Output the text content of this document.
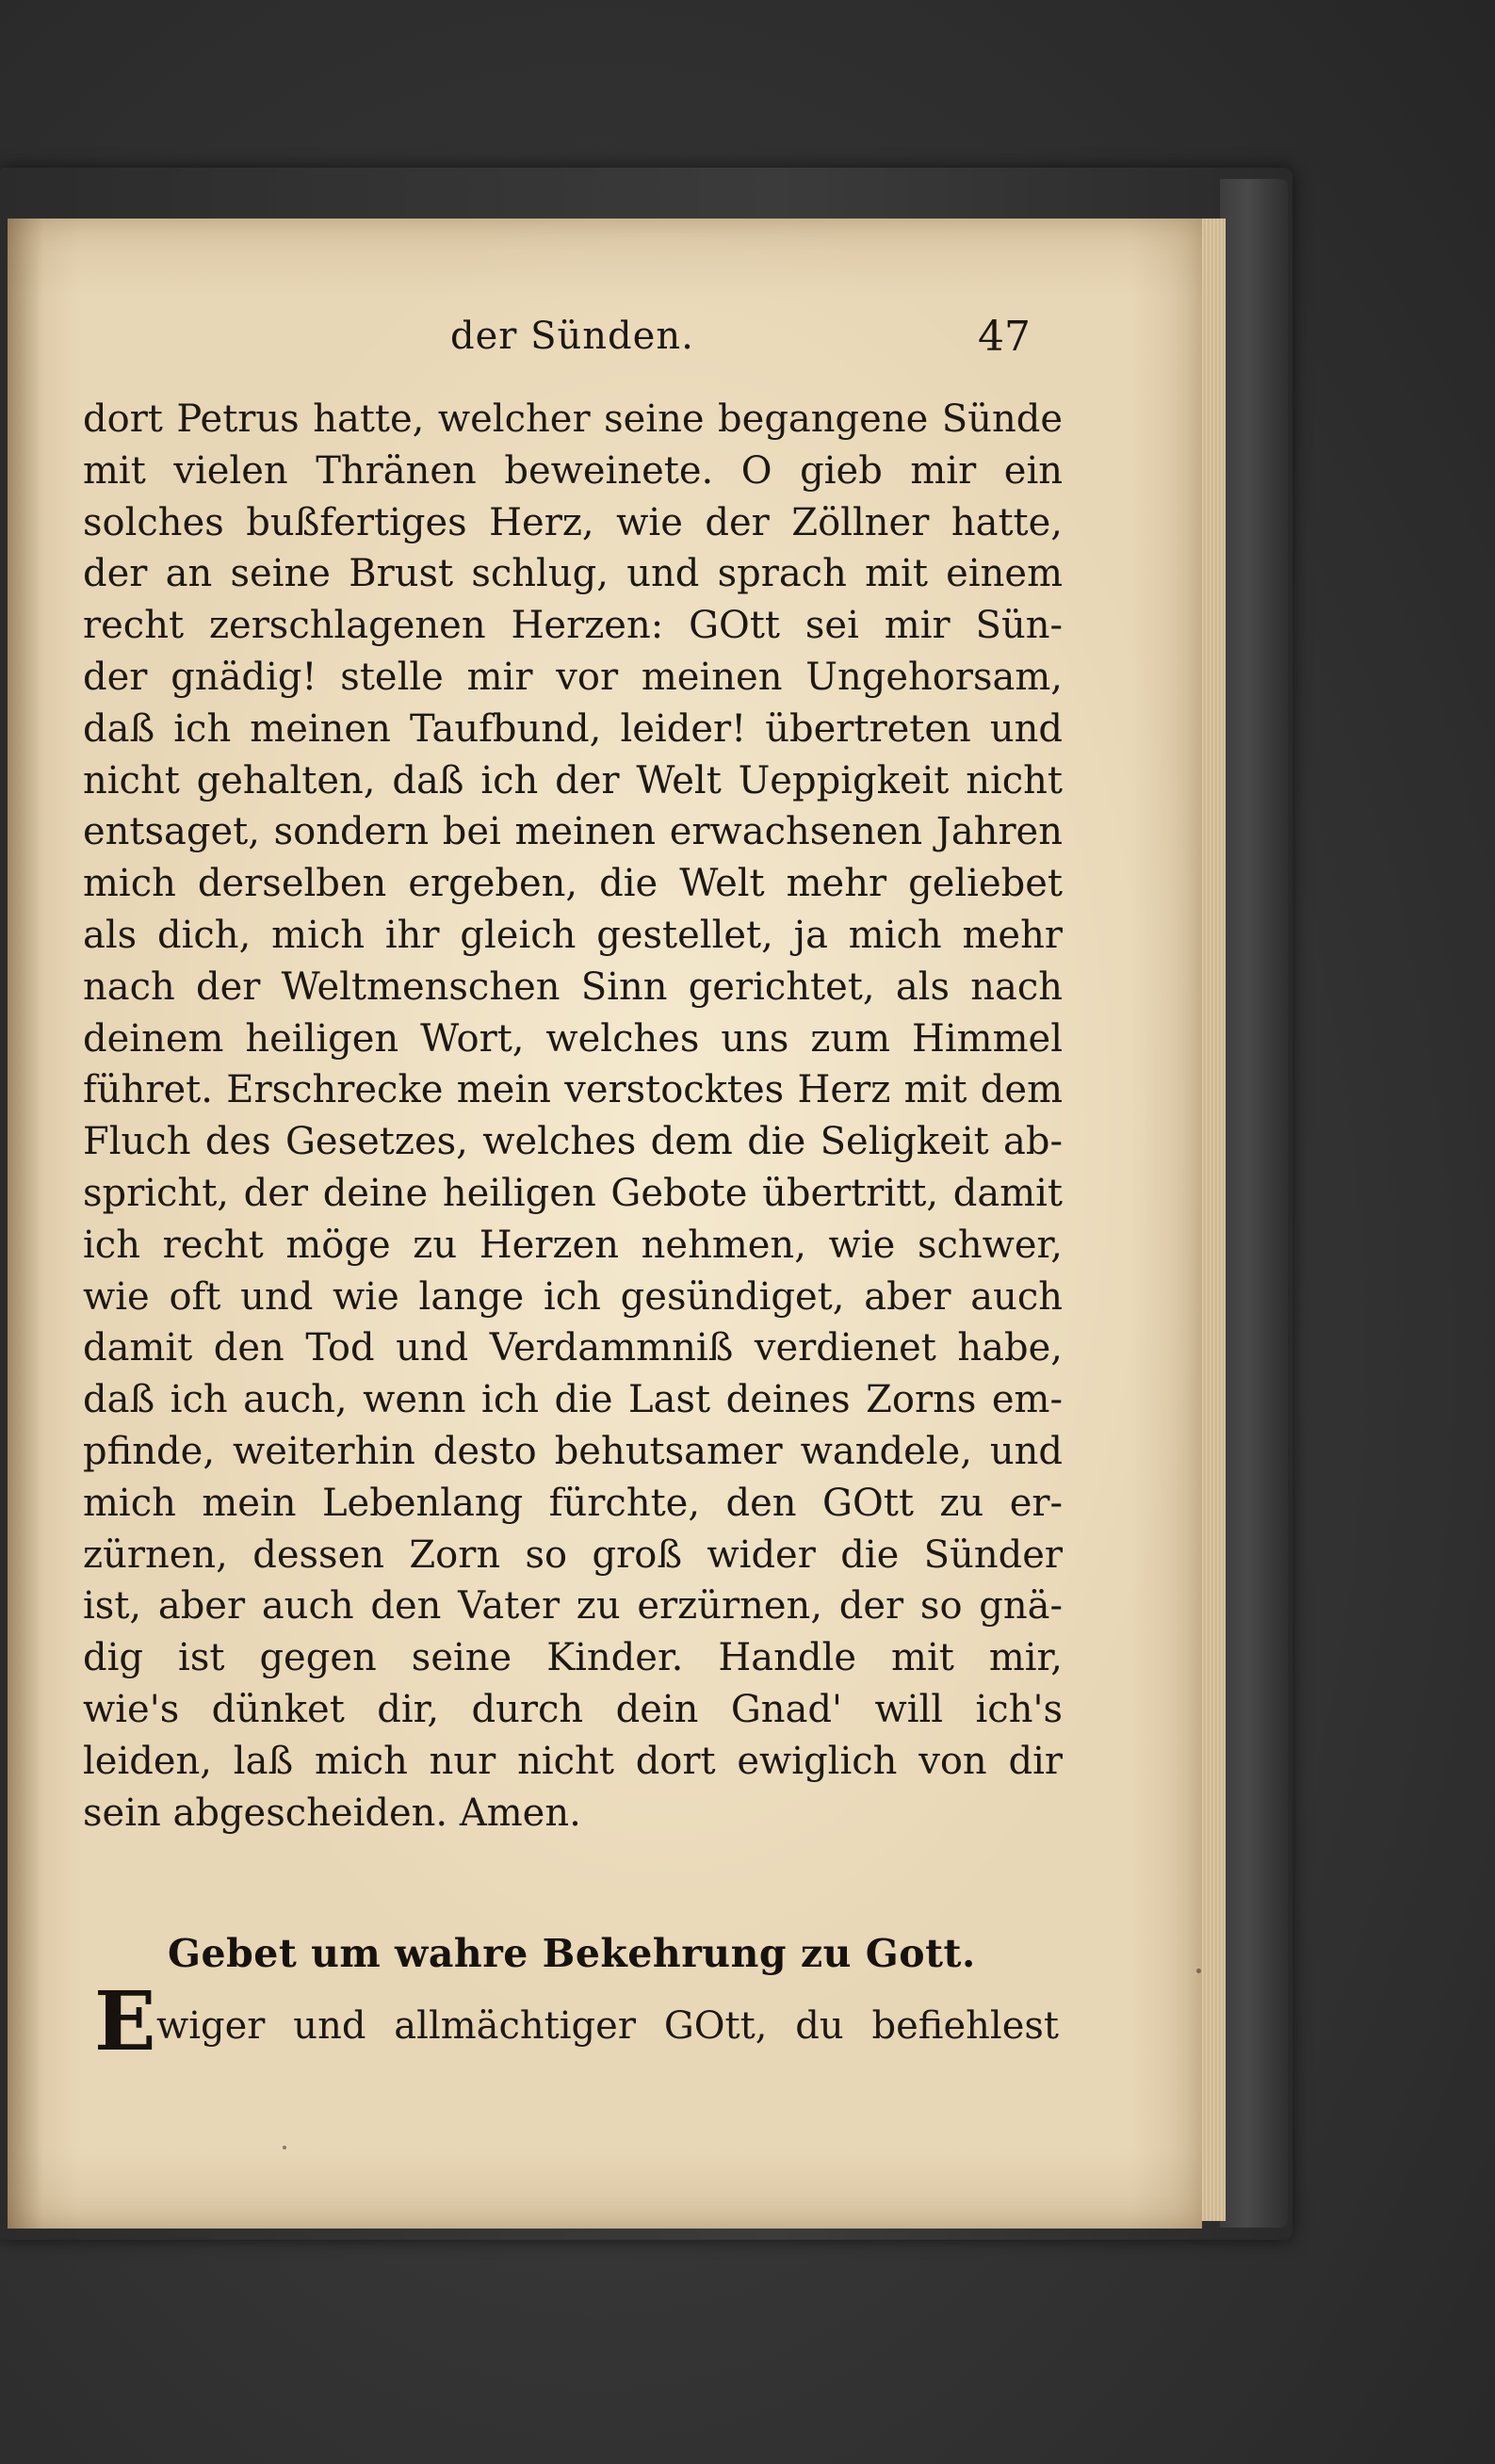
der Sünden.	47
dort Petrus hatte, welcher seine begangene Sünde
mit vielen Thränen beweinete. O gieb mir ein
solches bußfertiges Herz, wie der Zöllner hatte,
der an seine Brust schlug, und sprach mit einem
recht zerschlagenen Herzen: GOtt sei mir Sün-
der gnädig! stelle mir vor meinen Ungehorsam,
daß ich meinen Taufbund, leider! übertreten und
nicht gehalten, daß ich der Welt Ueppigkeit nicht
entsaget, sondern bei meinen erwachsenen Jahren
mich derselben ergeben, die Welt mehr geliebet
als dich, mich ihr gleich gestellet, ja mich mehr
nach der Weltmenschen Sinn gerichtet, als nach
deinem heiligen Wort, welches uns zum Himmel
führet. Erschrecke mein verstocktes Herz mit dem
Fluch des Gesetzes, welches dem die Seligkeit ab-
spricht, der deine heiligen Gebote übertritt, damit
ich recht möge zu Herzen nehmen, wie schwer,
wie oft und wie lange ich gesündiget, aber auch
damit den Tod und Verdammniß verdienet habe,
daß ich auch, wenn ich die Last deines Zorns em-
pfinde, weiterhin desto behutsamer wandele, und
mich mein Lebenlang fürchte, den GOtt zu er-
zürnen, dessen Zorn so groß wider die Sünder
ist, aber auch den Vater zu erzürnen, der so gnä-
dig ist gegen seine Kinder. Handle mit mir,
wie's dünket dir, durch dein Gnad' will ich's
leiden, laß mich nur nicht dort ewiglich von dir
sein abgescheiden. Amen.
Gebet um wahre Bekehrung zu Gott.
E wiger und allmächtiger GOtt, du befiehlest
